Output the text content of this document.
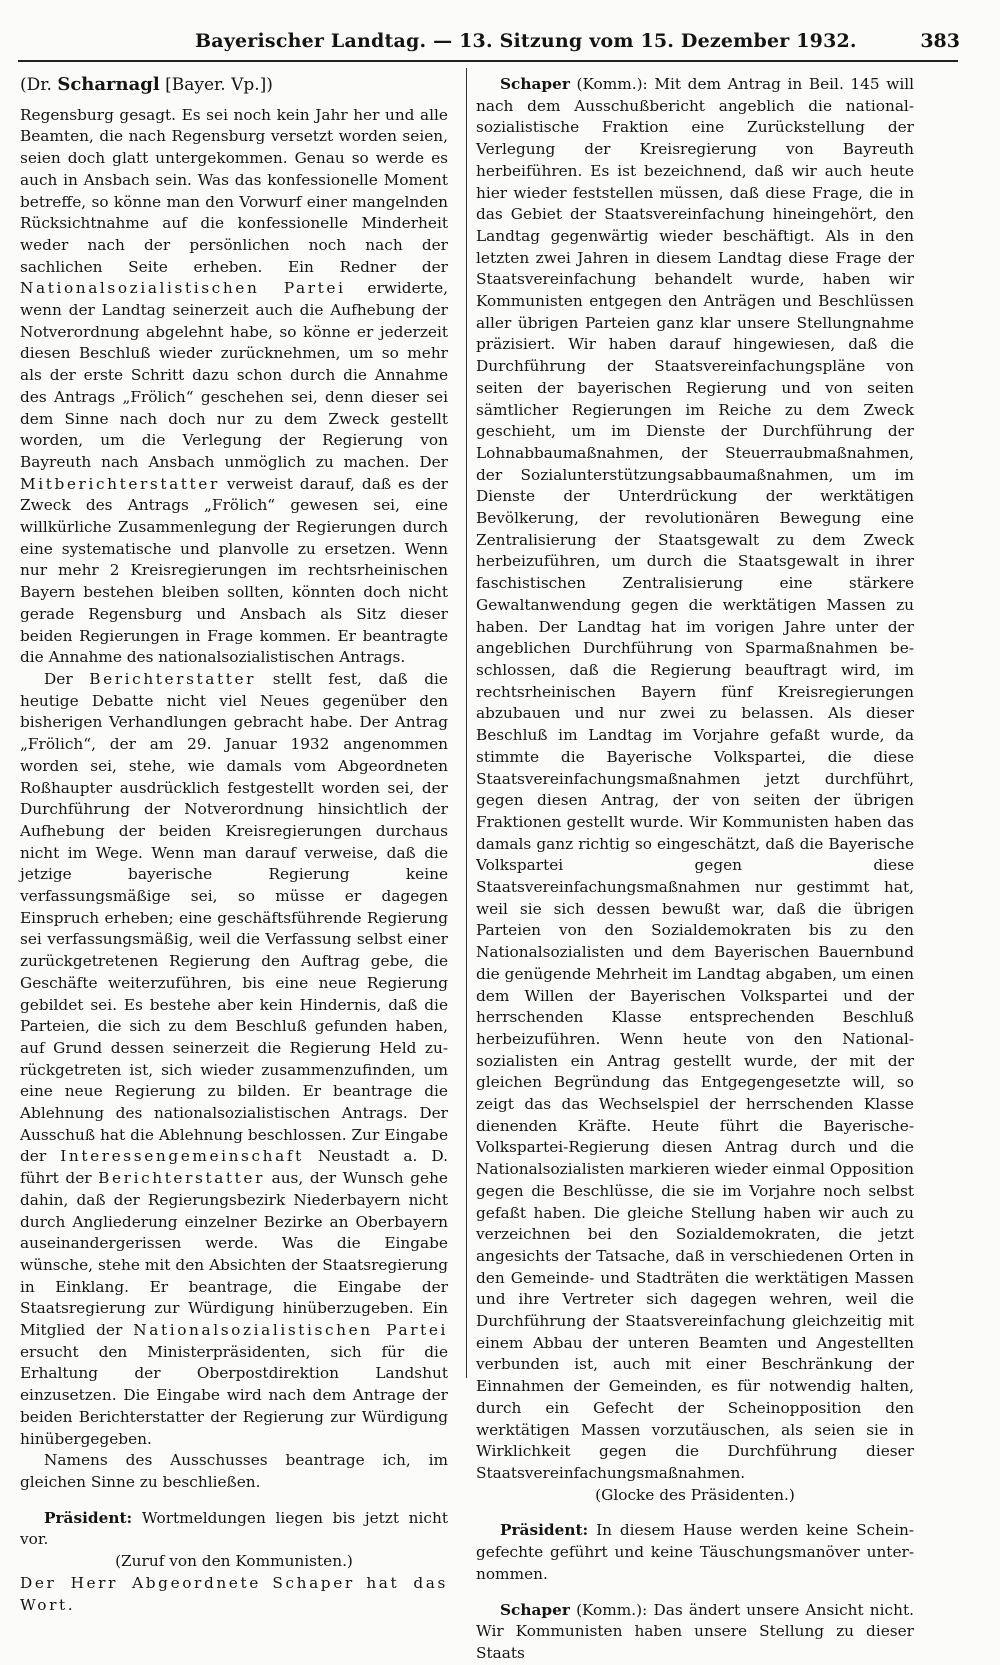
Bayerischer Landtag. — 13. Sitzung vom 15. Dezember 1932.	383
(Dr. Scharnagl [Bayer. Vp.])

Regensburg gesagt. Es sei noch kein Jahr her und alle Beamten, die nach Regensburg versetzt worden seien, seien doch glatt untergekommen. Genau so werde es auch in Ansbach sein. Was das konfessionelle Moment betreffe, so könne man den Vorwurf einer mangelnden Rücksichtnahme auf die konfessionelle Minderheit weder nach der persönlichen noch nach der sachlichen Seite erheben. Ein Redner der Nationalsozialistischen Partei erwiderte, wenn der Landtag seinerzeit auch die Aufhebung der Notverordnung abgelehnt habe, so könne er jederzeit diesen Beschluß wieder zurücknehmen, um so mehr als der erste Schritt dazu schon durch die Annahme des Antrags „Frölich“ geschehen sei, denn dieser sei dem Sinne nach doch nur zu dem Zweck gestellt worden, um die Verlegung der Regierung von Bayreuth nach Ansbach unmöglich zu machen. Der Mitberichterstatter verweist darauf, daß es der Zweck des Antrags „Frölich“ gewesen sei, eine willkürliche Zusammenlegung der Regierungen durch eine systematische und planvolle zu ersetzen. Wenn nur mehr 2 Kreisregierungen im rechtsrheinischen Bayern bestehen bleiben sollten, könnten doch nicht gerade Regensburg und Ansbach als Sitz dieser beiden Regierungen in Frage kommen. Er beantragte die Annahme des nationalsozialistischen Antrags.

Der Berichterstatter stellt fest, daß die heutige Debatte nicht viel Neues gegenüber den bisherigen Verhandlungen gebracht habe. Der Antrag „Frölich“, der am 29. Januar 1932 angenommen worden sei, stehe, wie damals vom Abgeordneten Roßhaupter ausdrücklich festgestellt worden sei, der Durchführung der Notverordnung hinsichtlich der Aufhebung der beiden Kreisregierungen durchaus nicht im Wege. Wenn man darauf verweise, daß die jetzige bayerische Regierung keine verfassungsmäßige sei, so müsse er dagegen Einspruch erheben; eine geschäftsführende Regierung sei verfassungsmäßig, weil die Verfassung selbst einer zurückgetretenen Regierung den Auftrag gebe, die Geschäfte weiterzuführen, bis eine neue Regierung gebildet sei. Es bestehe aber kein Hindernis, daß die Parteien, die sich zu dem Beschluß gefunden haben, auf Grund dessen seinerzeit die Regierung Held zurückgetreten ist, sich wieder zusammenzufinden, um eine neue Regierung zu bilden. Er beantrage die Ablehnung des nationalsozialistischen Antrags. Der Ausschuß hat die Ablehnung beschlossen. Zur Eingabe der Interessengemeinschaft Neustadt a. D. führt der Berichterstatter aus, der Wunsch gehe dahin, daß der Regierungsbezirk Niederbayern nicht durch Angliederung einzelner Bezirke an Oberbayern auseinandergerissen werde. Was die Eingabe wünsche, stehe mit den Absichten der Staatsregierung in Einklang. Er beantrage, die Eingabe der Staatsregierung zur Würdigung hinüberzugeben. Ein Mitglied der Nationalsozialistischen Partei ersucht den Ministerpräsidenten, sich für die Erhaltung der Oberpostdirektion Landshut einzusetzen. Die Eingabe wird nach dem Antrage der beiden Berichterstatter der Regierung zur Würdigung hinübergegeben.

Namens des Ausschusses beantrage ich, im gleichen Sinne zu beschließen.

Präsident: Wortmeldungen liegen bis jetzt nicht vor.

(Zuruf von den Kommunisten.)

Der Herr Abgeordnete Schaper hat das Wort.

Schaper (Komm.): Mit dem Antrag in Beil. 145 will nach dem Ausschußbericht angeblich die nationalsozialistische Fraktion eine Zurückstellung der Verlegung der Kreisregierung von Bayreuth herbeiführen. Es ist bezeichnend, daß wir auch heute hier wieder feststellen müssen, daß diese Frage, die in das Gebiet der Staatsvereinfachung hineingehört, den Landtag gegenwärtig wieder beschäftigt. Als in den letzten zwei Jahren in diesem Landtag diese Frage der Staatsvereinfachung behandelt wurde, haben wir Kommunisten entgegen den Anträgen und Beschlüssen aller übrigen Parteien ganz klar unsere Stellungnahme präzisiert. Wir haben darauf hingewiesen, daß die Durchführung der Staatsvereinfachungspläne von seiten der bayerischen Regierung und von seiten sämtlicher Regierungen im Reiche zu dem Zweck geschieht, um im Dienste der Durchführung der Lohnabbaumaßnahmen, der Steuerraubmaßnahmen, der Sozialunterstützungsabbaumaßnahmen, um im Dienste der Unterdrückung der werktätigen Bevölkerung, der revolutionären Bewegung eine Zentralisierung der Staatsgewalt zu dem Zweck herbeizuführen, um durch die Staatsgewalt in ihrer faschistischen Zentralisierung eine stärkere Gewaltanwendung gegen die werktätigen Massen zu haben. Der Landtag hat im vorigen Jahre unter der angeblichen Durchführung von Sparmaßnahmen beschlossen, daß die Regierung beauftragt wird, im rechtsrheinischen Bayern fünf Kreisregierungen abzubauen und nur zwei zu belassen. Als dieser Beschluß im Landtag im Vorjahre gefaßt wurde, da stimmte die Bayerische Volkspartei, die diese Staatsvereinfachungsmaßnahmen jetzt durchführt, gegen diesen Antrag, der von seiten der übrigen Fraktionen gestellt wurde. Wir Kommunisten haben das damals ganz richtig so eingeschätzt, daß die Bayerische Volkspartei gegen diese Staatsvereinfachungsmaßnahmen nur gestimmt hat, weil sie sich dessen bewußt war, daß die übrigen Parteien von den Sozialdemokraten bis zu den Nationalsozialisten und dem Bayerischen Bauernbund die genügende Mehrheit im Landtag abgaben, um einen dem Willen der Bayerischen Volkspartei und der herrschenden Klasse entsprechenden Beschluß herbeizuführen. Wenn heute von den Nationalsozialisten ein Antrag gestellt wurde, der mit der gleichen Begründung das Entgegengesetzte will, so zeigt das das Wechselspiel der herrschenden Klasse dienenden Kräfte. Heute führt die Bayerische-Volkspartei-Regierung diesen Antrag durch und die Nationalsozialisten markieren wieder einmal Opposition gegen die Beschlüsse, die sie im Vorjahre noch selbst gefaßt haben. Die gleiche Stellung haben wir auch zu verzeichnen bei den Sozialdemokraten, die jetzt angesichts der Tatsache, daß in verschiedenen Orten in den Gemeinde- und Stadträten die werktätigen Massen und ihre Vertreter sich dagegen wehren, weil die Durchführung der Staatsvereinfachung gleichzeitig mit einem Abbau der unteren Beamten und Angestellten verbunden ist, auch mit einer Beschränkung der Einnahmen der Gemeinden, es für notwendig halten, durch ein Gefecht der Scheinopposition den werktätigen Massen vorzutäuschen, als seien sie in Wirklichkeit gegen die Durchführung dieser Staatsvereinfachungsmaßnahmen.

(Glocke des Präsidenten.)

Präsident: In diesem Hause werden keine Scheingefechte geführt und keine Täuschungsmanöver unternommen.

Schaper (Komm.): Das ändert unsere Ansicht nicht. Wir Kommunisten haben unsere Stellung zu dieser Staats
